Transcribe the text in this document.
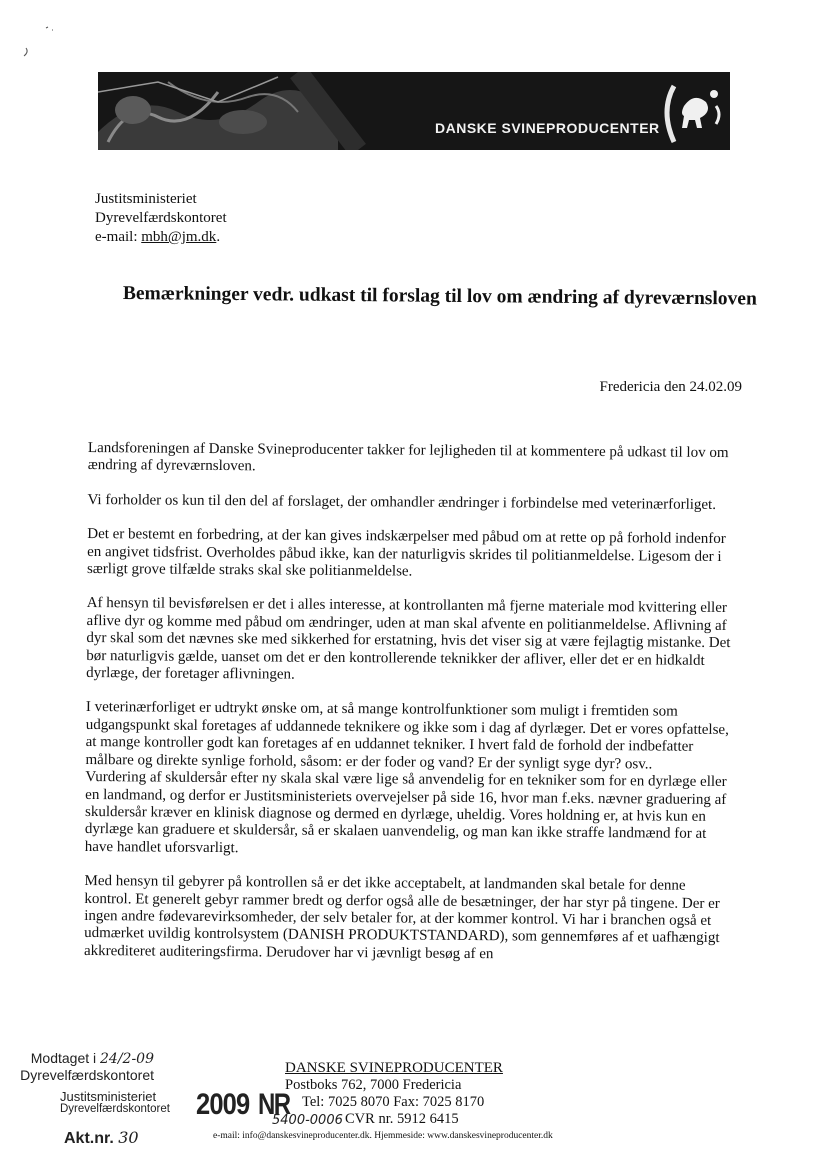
DANSKE SVINEPRODUCENTER
Justitsministeriet
Dyrevelfærdskontoret
e-mail: mbh@jm.dk.
Bemærkninger vedr. udkast til forslag til lov om ændring af dyreværnsloven
Fredericia den 24.02.09

Landsforeningen af Danske Svineproducenter takker for lejligheden til at kommentere på udkast til lov om ændring af dyreværnsloven.

Vi forholder os kun til den del af forslaget, der omhandler ændringer i forbindelse med veterinærforliget.

Det er bestemt en forbedring, at der kan gives indskærpelser med påbud om at rette op på forhold indenfor en angivet tidsfrist. Overholdes påbud ikke, kan der naturligvis skrides til politianmeldelse. Ligesom der i særligt grove tilfælde straks skal ske politianmeldelse.

Af hensyn til bevisførelsen er det i alles interesse, at kontrollanten må fjerne materiale mod kvittering eller aflive dyr og komme med påbud om ændringer, uden at man skal afvente en politianmeldelse. Aflivning af dyr skal som det nævnes ske med sikkerhed for erstatning, hvis det viser sig at være fejlagtig mistanke. Det bør naturligvis gælde, uanset om det er den kontrollerende teknikker der afliver, eller det er en hidkaldt dyrlæge, der foretager aflivningen.

I veterinærforliget er udtrykt ønske om, at så mange kontrolfunktioner som muligt i fremtiden som udgangspunkt skal foretages af uddannede teknikere og ikke som i dag af dyrlæger. Det er vores opfattelse, at mange kontroller godt kan foretages af en uddannet tekniker. I hvert fald de forhold der indbefatter målbare og direkte synlige forhold, såsom: er der foder og vand? Er der synligt syge dyr? osv..

Vurdering af skuldersår efter ny skala skal være lige så anvendelig for en tekniker som for en dyrlæge eller en landmand, og derfor er Justitsministeriets overvejelser på side 16, hvor man f.eks. nævner graduering af skuldersår kræver en klinisk diagnose og dermed en dyrlæge, uheldig. Vores holdning er, at hvis kun en dyrlæge kan graduere et skuldersår, så er skalaen uanvendelig, og man kan ikke straffe landmænd for at have handlet uforsvarligt.

Med hensyn til gebyrer på kontrollen så er det ikke acceptabelt, at landmanden skal betale for denne kontrol. Et generelt gebyr rammer bredt og derfor også alle de besætninger, der har styr på tingene. Der er ingen andre fødevarevirksomheder, der selv betaler for, at der kommer kontrol. Vi har i branchen også et udmærket uvildig kontrolsystem (DANISH PRODUKTSTANDARD), som gennemføres af et uafhængigt akkrediteret auditeringsfirma. Derudover har vi jævnligt besøg af en

Modtaget i 24/2-09
Dyrevelfærdskontoret
Justitsministeriet
Dyrevelfærdskontoret 2009 NR
5400-0006
Akt.nr. 30
DANSKE SVINEPRODUCENTER
Postboks 762, 7000 Fredericia
Tel: 7025 8070 Fax: 7025 8170
CVR nr. 5912 6415
e-mail: info@danskesvineproducenter.dk. Hjemmeside: www.danskesvineproducenter.dk
